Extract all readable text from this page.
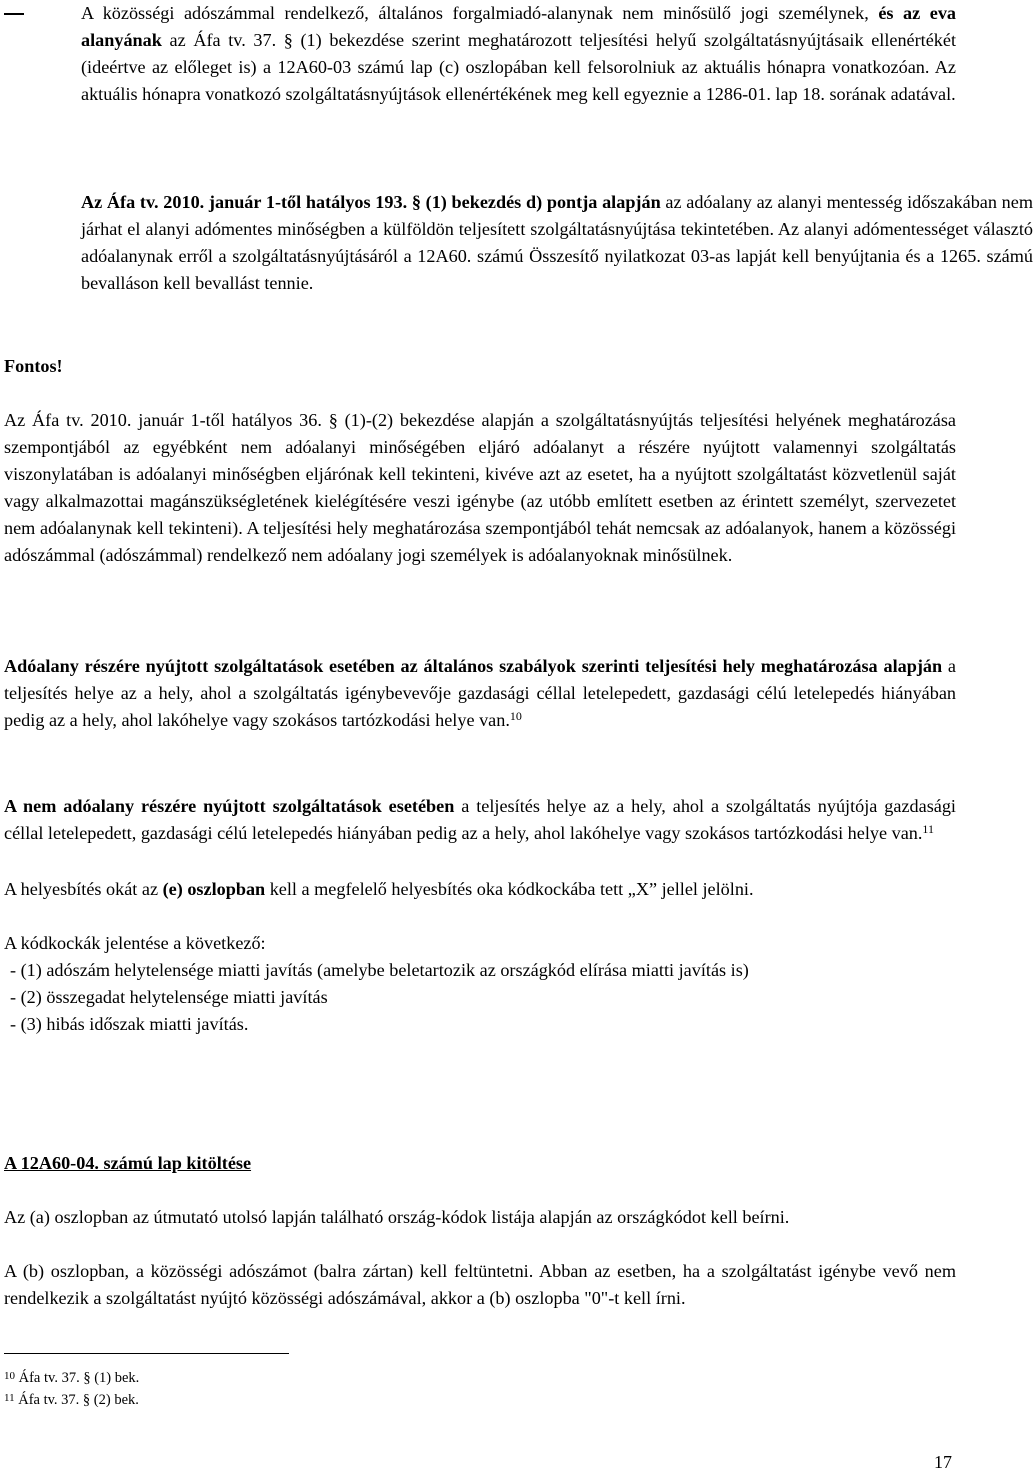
A közösségi adószámmal rendelkező, általános forgalmiadó-alanynak nem minősülő jogi személynek, és az eva alanyának az Áfa tv. 37. § (1) bekezdése szerint meghatározott teljesítési helyű szolgáltatásnyújtásaik ellenértékét (ideértve az előleget is) a 12A60-03 számú lap (c) oszlopában kell felsorolniuk az aktuális hónapra vonatkozóan. Az aktuális hónapra vonatkozó szolgáltatásnyújtások ellenértékének meg kell egyeznie a 1286-01. lap 18. sorának adatával.

Az Áfa tv. 2010. január 1-től hatályos 193. § (1) bekezdés d) pontja alapján az adóalany az alanyi mentesség időszakában nem járhat el alanyi adómentes minőségben a külföldön teljesített szolgáltatásnyújtása tekintetében. Az alanyi adómentességet választó adóalanynak erről a szolgáltatásnyújtásáról a 12A60. számú Összesítő nyilatkozat 03-as lapját kell benyújtania és a 1265. számú bevalláson kell bevallást tennie.

Fontos!

Az Áfa tv. 2010. január 1-től hatályos 36. § (1)-(2) bekezdése alapján a szolgáltatásnyújtás teljesítési helyének meghatározása szempontjából az egyébként nem adóalanyi minőségében eljáró adóalanyt a részére nyújtott valamennyi szolgáltatás viszonylatában is adóalanyi minőségben eljárónak kell tekinteni, kivéve azt az esetet, ha a nyújtott szolgáltatást közvetlenül saját vagy alkalmazottai magánszükségletének kielégítésére veszi igénybe (az utóbb említett esetben az érintett személyt, szervezetet nem adóalanynak kell tekinteni). A teljesítési hely meghatározása szempontjából tehát nemcsak az adóalanyok, hanem a közösségi adószámmal (adószámmal) rendelkező nem adóalany jogi személyek is adóalanyoknak minősülnek.

Adóalany részére nyújtott szolgáltatások esetében az általános szabályok szerinti teljesítési hely meghatározása alapján a teljesítés helye az a hely, ahol a szolgáltatás igénybevevője gazdasági céllal letelepedett, gazdasági célú letelepedés hiányában pedig az a hely, ahol lakóhelye vagy szokásos tartózkodási helye van.$^{10}$

A nem adóalany részére nyújtott szolgáltatások esetében a teljesítés helye az a hely, ahol a szolgáltatás nyújtója gazdasági céllal letelepedett, gazdasági célú letelepedés hiányában pedig az a hely, ahol lakóhelye vagy szokásos tartózkodási helye van.$^{11}$

A helyesbítés okát az (e) oszlopban kell a megfelelő helyesbítés oka kódkockába tett „X” jellel jelölni.

A kódkockák jelentése a következő:

- (1) adószám helytelensége miatti javítás (amelybe beletartozik az országkód elírása miatti javítás is)

- (2) összegadat helytelensége miatti javítás

- (3) hibás időszak miatti javítás.

A 12A60-04. számú lap kitöltése

Az (a) oszlopban az útmutató utolsó lapján található ország-kódok listája alapján az országkódot kell beírni.

A (b) oszlopban, a közösségi adószámot (balra zártan) kell feltüntetni. Abban az esetben, ha a szolgáltatást igénybe vevő nem rendelkezik a szolgáltatást nyújtó közösségi adószámával, akkor a (b) oszlopba "0"-t kell írni.

$^{10}$ Áfa tv. 37. § (1) bek.
$^{11}$ Áfa tv. 37. § (2) bek.
17
